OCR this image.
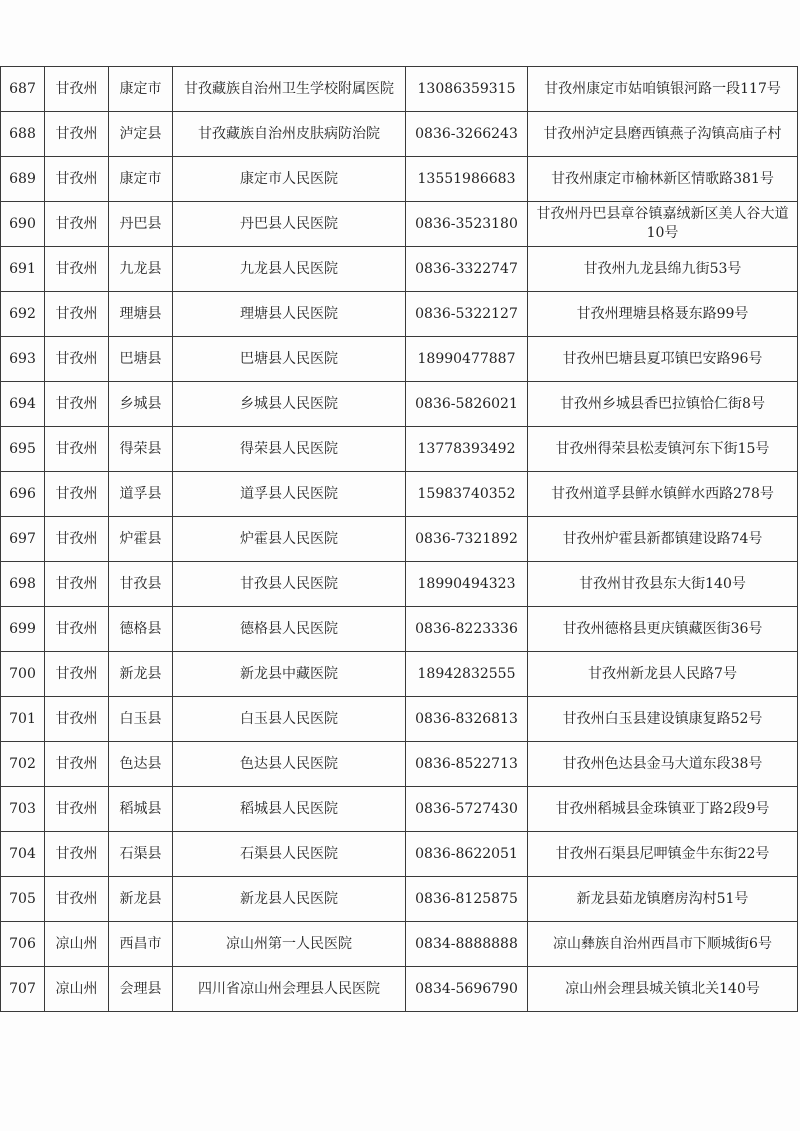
687	甘孜州	康定市	甘孜藏族自治州卫生学校附属医院	13086359315	甘孜州康定市姑咱镇银河路一段117号
688	甘孜州	泸定县	甘孜藏族自治州皮肤病防治院	0836-3266243	甘孜州泸定县磨西镇燕子沟镇高庙子村
689	甘孜州	康定市	康定市人民医院	13551986683	甘孜州康定市榆林新区情歌路381号
690	甘孜州	丹巴县	丹巴县人民医院	0836-3523180	甘孜州丹巴县章谷镇嘉绒新区美人谷大道10号
691	甘孜州	九龙县	九龙县人民医院	0836-3322747	甘孜州九龙县绵九街53号
692	甘孜州	理塘县	理塘县人民医院	0836-5322127	甘孜州理塘县格聂东路99号
693	甘孜州	巴塘县	巴塘县人民医院	18990477887	甘孜州巴塘县夏邛镇巴安路96号
694	甘孜州	乡城县	乡城县人民医院	0836-5826021	甘孜州乡城县香巴拉镇恰仁街8号
695	甘孜州	得荣县	得荣县人民医院	13778393492	甘孜州得荣县松麦镇河东下街15号
696	甘孜州	道孚县	道孚县人民医院	15983740352	甘孜州道孚县鲜水镇鲜水西路278号
697	甘孜州	炉霍县	炉霍县人民医院	0836-7321892	甘孜州炉霍县新都镇建设路74号
698	甘孜州	甘孜县	甘孜县人民医院	18990494323	甘孜州甘孜县东大街140号
699	甘孜州	德格县	德格县人民医院	0836-8223336	甘孜州德格县更庆镇藏医街36号
700	甘孜州	新龙县	新龙县中藏医院	18942832555	甘孜州新龙县人民路7号
701	甘孜州	白玉县	白玉县人民医院	0836-8326813	甘孜州白玉县建设镇康复路52号
702	甘孜州	色达县	色达县人民医院	0836-8522713	甘孜州色达县金马大道东段38号
703	甘孜州	稻城县	稻城县人民医院	0836-5727430	甘孜州稻城县金珠镇亚丁路2段9号
704	甘孜州	石渠县	石渠县人民医院	0836-8622051	甘孜州石渠县尼呷镇金牛东街22号
705	甘孜州	新龙县	新龙县人民医院	0836-8125875	新龙县茹龙镇磨房沟村51号
706	凉山州	西昌市	凉山州第一人民医院	0834-8888888	凉山彝族自治州西昌市下顺城街6号
707	凉山州	会理县	四川省凉山州会理县人民医院	0834-5696790	凉山州会理县城关镇北关140号
